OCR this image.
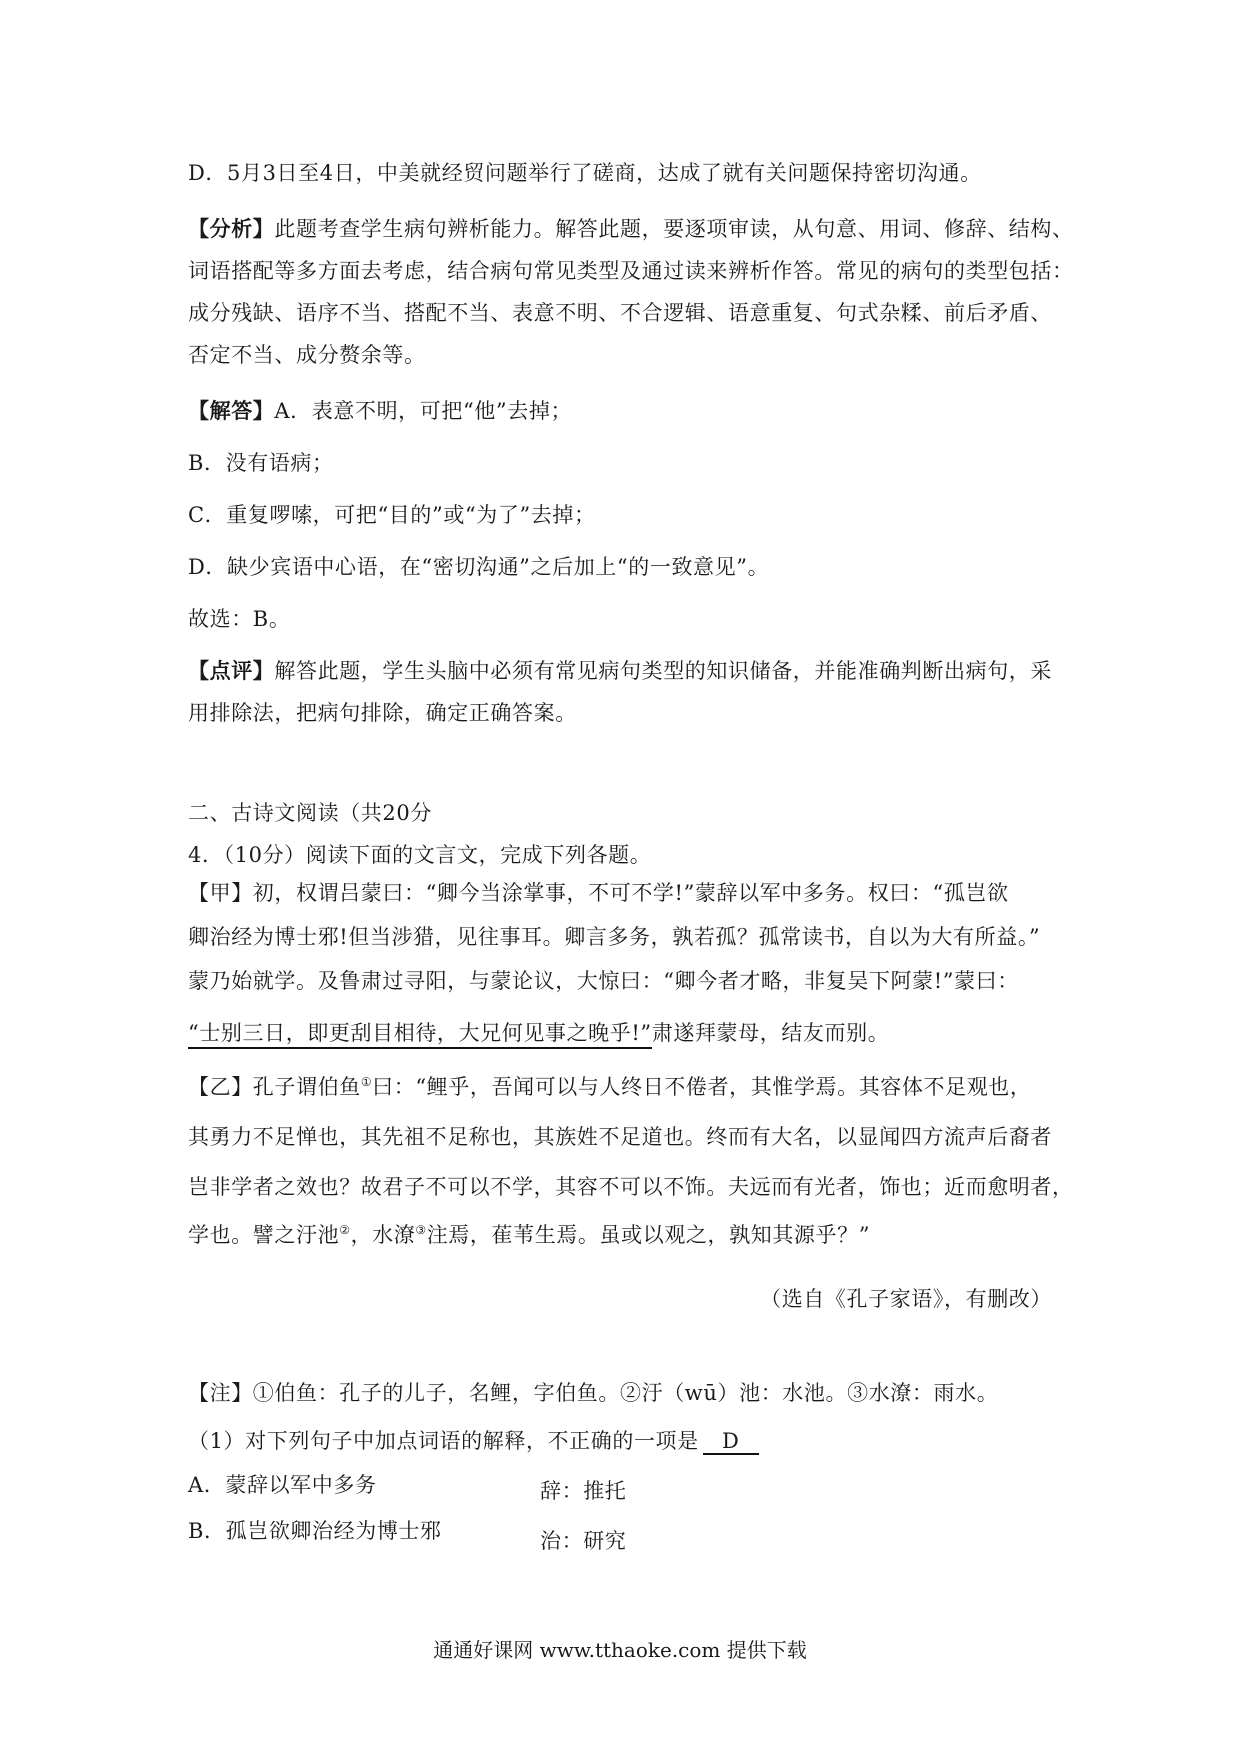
D．5月3日至4日，中美就经贸问题举行了磋商，达成了就有关问题保持密切沟通。
【分析】此题考查学生病句辨析能力。解答此题，要逐项审读，从句意、用词、修辞、结构、
词语搭配等多方面去考虑，结合病句常见类型及通过读来辨析作答。常见的病句的类型包括：
成分残缺、语序不当、搭配不当、表意不明、不合逻辑、语意重复、句式杂糅、前后矛盾、
否定不当、成分赘余等。
【解答】A．表意不明，可把“他”去掉；
B．没有语病；
C．重复啰嗦，可把“目的”或“为了”去掉；
D．缺少宾语中心语，在“密切沟通”之后加上“的一致意见”。
故选：B。
【点评】解答此题，学生头脑中必须有常见病句类型的知识储备，并能准确判断出病句，采
用排除法，把病句排除，确定正确答案。
二、古诗文阅读（共20分
4．（10分）阅读下面的文言文，完成下列各题。
【甲】初，权谓吕蒙曰：“卿今当涂掌事，不可不学!”蒙辞以军中多务。权曰：“孤岂欲
卿治经为博士邪!但当涉猎，见往事耳。卿言多务，孰若孤？孤常读书，自以为大有所益。”
蒙乃始就学。及鲁肃过寻阳，与蒙论议，大惊曰：“卿今者才略，非复吴下阿蒙!”蒙曰：
“士别三日，即更刮目相待，大兄何见事之晚乎!”肃遂拜蒙母，结友而别。
【乙】孔子谓伯鱼①曰：“鲤乎，吾闻可以与人终日不倦者，其惟学焉。其容体不足观也，
其勇力不足惮也，其先祖不足称也，其族姓不足道也。终而有大名，以显闻四方流声后裔者
岂非学者之效也？故君子不可以不学，其容不可以不饰。夫远而有光者，饰也；近而愈明者，
学也。譬之汙池②，水潦③注焉，萑苇生焉。虽或以观之，孰知其源乎？”
（选自《孔子家语》，有删改）
【注】①伯鱼：孔子的儿子，名鲤，字伯鱼。②汙（wū）池：水池。③水潦：雨水。
（1）对下列句子中加点词语的解释，不正确的一项是 D
A．蒙辞以军中多务	辞：推托
B．孤岂欲卿治经为博士邪	治：研究
通通好课网 www.tthaoke.com 提供下载
